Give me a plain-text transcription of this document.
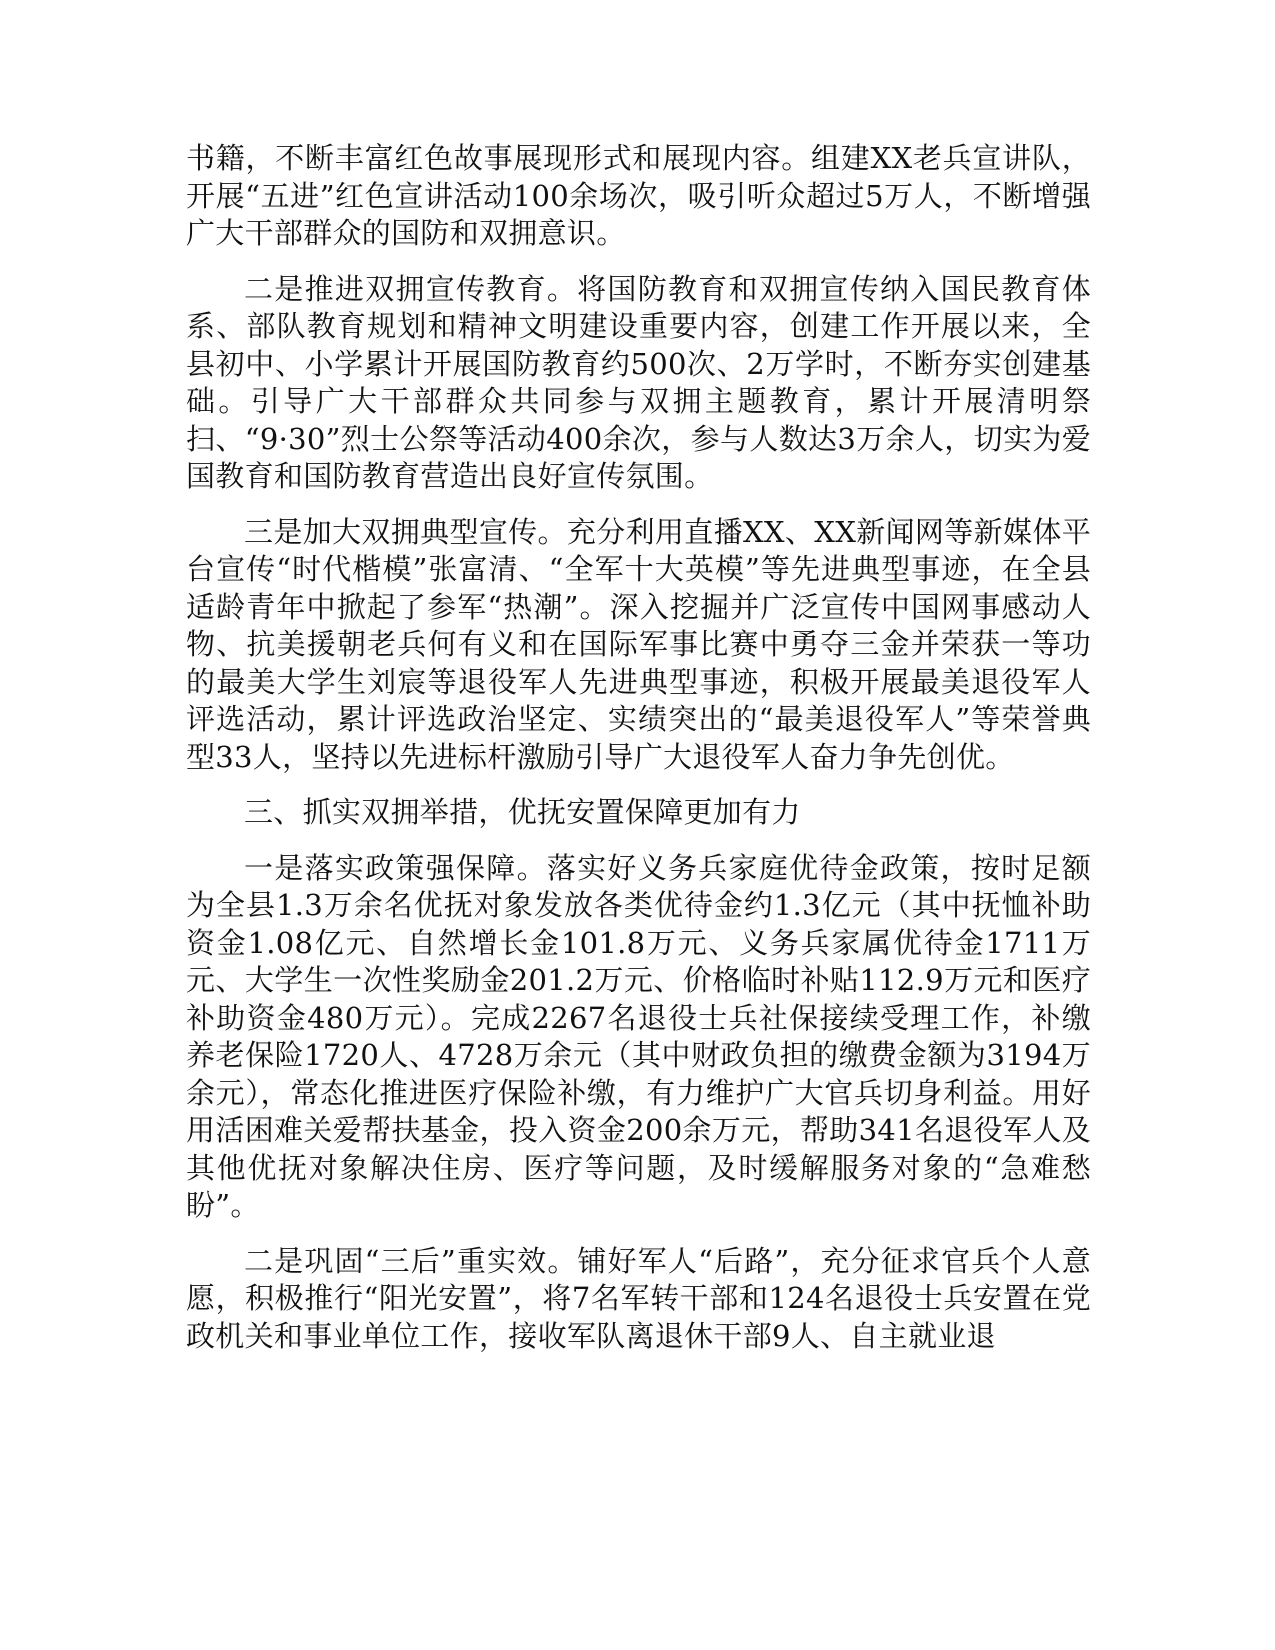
书籍，不断丰富红色故事展现形式和展现内容。组建XX老兵宣讲队，开展“五进”红色宣讲活动100余场次，吸引听众超过5万人，不断增强广大干部群众的国防和双拥意识。

二是推进双拥宣传教育。将国防教育和双拥宣传纳入国民教育体系、部队教育规划和精神文明建设重要内容，创建工作开展以来，全县初中、小学累计开展国防教育约500次、2万学时，不断夯实创建基础。引导广大干部群众共同参与双拥主题教育，累计开展清明祭扫、“9·30”烈士公祭等活动400余次，参与人数达3万余人，切实为爱国教育和国防教育营造出良好宣传氛围。

三是加大双拥典型宣传。充分利用直播XX、XX新闻网等新媒体平台宣传“时代楷模”张富清、“全军十大英模”等先进典型事迹，在全县适龄青年中掀起了参军“热潮”。深入挖掘并广泛宣传中国网事感动人物、抗美援朝老兵何有义和在国际军事比赛中勇夺三金并荣获一等功的最美大学生刘宸等退役军人先进典型事迹，积极开展最美退役军人评选活动，累计评选政治坚定、实绩突出的“最美退役军人”等荣誉典型33人，坚持以先进标杆激励引导广大退役军人奋力争先创优。

三、抓实双拥举措，优抚安置保障更加有力

一是落实政策强保障。落实好义务兵家庭优待金政策，按时足额为全县1.3万余名优抚对象发放各类优待金约1.3亿元（其中抚恤补助资金1.08亿元、自然增长金101.8万元、义务兵家属优待金1711万元、大学生一次性奖励金201.2万元、价格临时补贴112.9万元和医疗补助资金480万元）。完成2267名退役士兵社保接续受理工作，补缴养老保险1720人、4728万余元（其中财政负担的缴费金额为3194万余元），常态化推进医疗保险补缴，有力维护广大官兵切身利益。用好用活困难关爱帮扶基金，投入资金200余万元，帮助341名退役军人及其他优抚对象解决住房、医疗等问题，及时缓解服务对象的“急难愁盼”。

二是巩固“三后”重实效。铺好军人“后路”，充分征求官兵个人意愿，积极推行“阳光安置”，将7名军转干部和124名退役士兵安置在党政机关和事业单位工作，接收军队离退休干部9人、自主就业退
